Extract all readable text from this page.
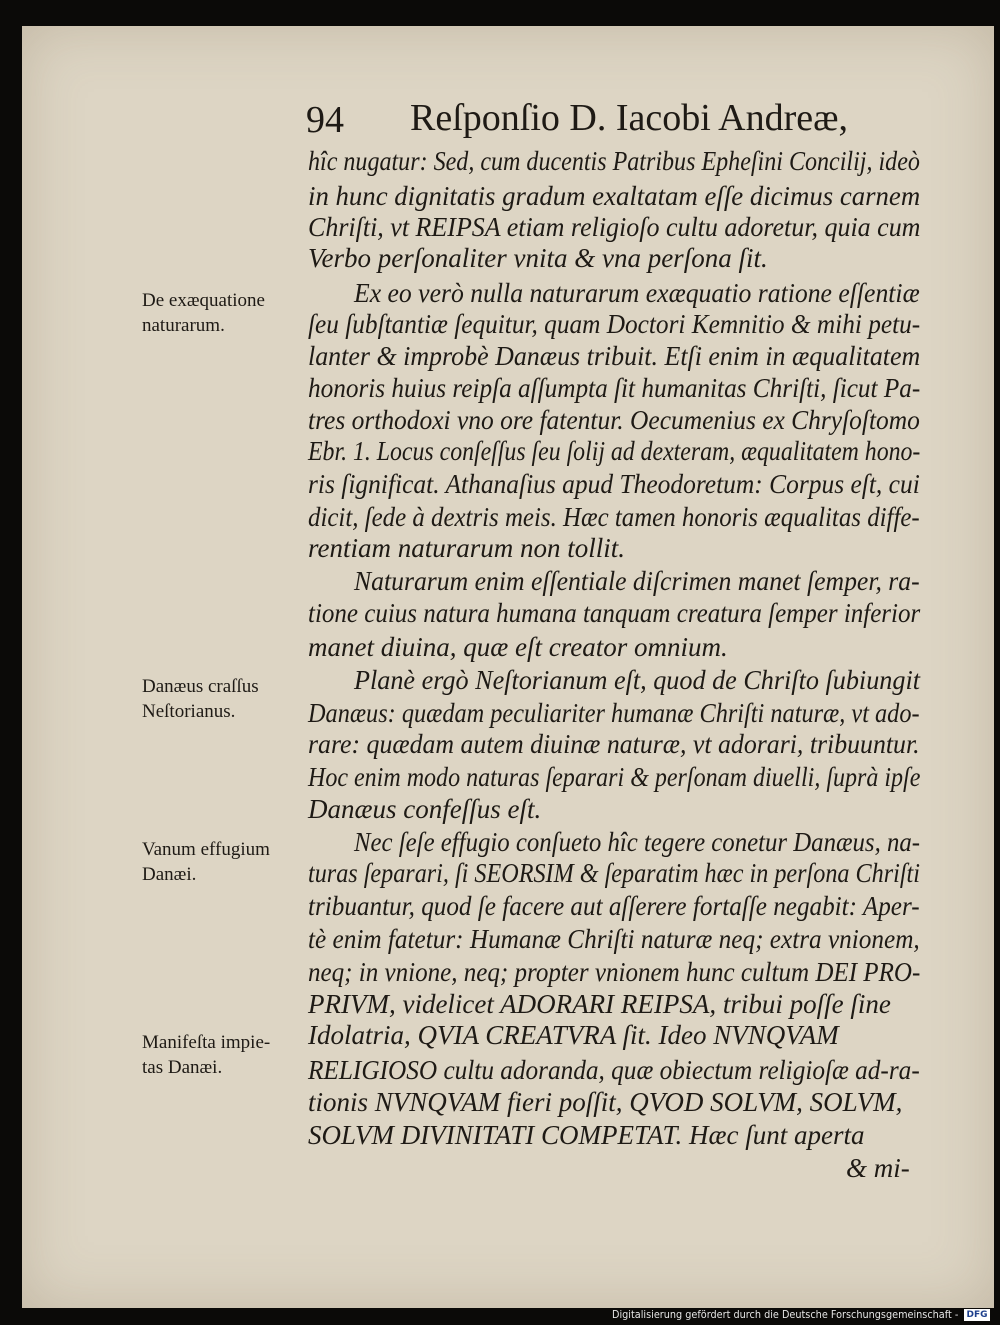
94 Reſponſio D. Iacobi Andreæ,
hîc nugatur: Sed, cum ducentis Patribus Epheſini Concilij, ideò
in hunc dignitatis gradum exaltatam eſſe dicimus carnem
Chriſti, vt REIPSA etiam religioſo cultu adoretur, quia cum
Verbo perſonaliter vnita & vna perſona ſit.
Ex eo verò nulla naturarum exæquatio ratione eſſentiæ
ſeu ſubſtantiæ ſequitur, quam Doctori Kemnitio & mihi petu-
lanter & improbè Danæus tribuit. Etſi enim in æqualitatem
honoris huius reipſa aſſumpta ſit humanitas Chriſti, ſicut Pa-
tres orthodoxi vno ore fatentur. Oecumenius ex Chryſoſtomo
Ebr. 1. Locus conſeſſus ſeu ſolij ad dexteram, æqualitatem hono-
ris ſignificat. Athanaſius apud Theodoretum: Corpus eſt, cui
dicit, ſede à dextris meis. Hæc tamen honoris æqualitas diffe-
rentiam naturarum non tollit.
Naturarum enim eſſentiale diſcrimen manet ſemper, ra-
tione cuius natura humana tanquam creatura ſemper inferior
manet diuina, quæ eſt creator omnium.
Planè ergò Neſtorianum eſt, quod de Chriſto ſubiungit
Danæus: quædam peculiariter humanæ Chriſti naturæ, vt ado-
rare: quædam autem diuinæ naturæ, vt adorari, tribuuntur.
Hoc enim modo naturas ſeparari & perſonam diuelli, ſuprà ipſe
Danæus confeſſus eſt.
Nec ſeſe effugio conſueto hîc tegere conetur Danæus, na-
turas ſeparari, ſi SEORSIM & ſeparatim hæc in perſona Chriſti
tribuantur, quod ſe facere aut aſſerere fortaſſe negabit: Aper-
tè enim fatetur: Humanæ Chriſti naturæ neq; extra vnionem,
neq; in vnione, neq; propter vnionem hunc cultum DEI PRO-
PRIVM, videlicet ADORARI REIPSA, tribui poſſe ſine
Idolatria, QVIA CREATVRA ſit. Ideo NVNQVAM
RELIGIOSO cultu adoranda, quæ obiectum religioſæ ad-ra-
tionis NVNQVAM fieri poſſit, QVOD SOLVM, SOLVM,
SOLVM DIVINITATI COMPETAT. Hæc ſunt aperta
& mi-
De exæquatione
naturarum.
Danæus craſſus
Neſtorianus.
Vanum effugium
Danæi.
Manifeſta impie-
tas Danæi.
Digitalisierung gefördert durch die Deutsche Forschungsgemeinschaft - DFG
